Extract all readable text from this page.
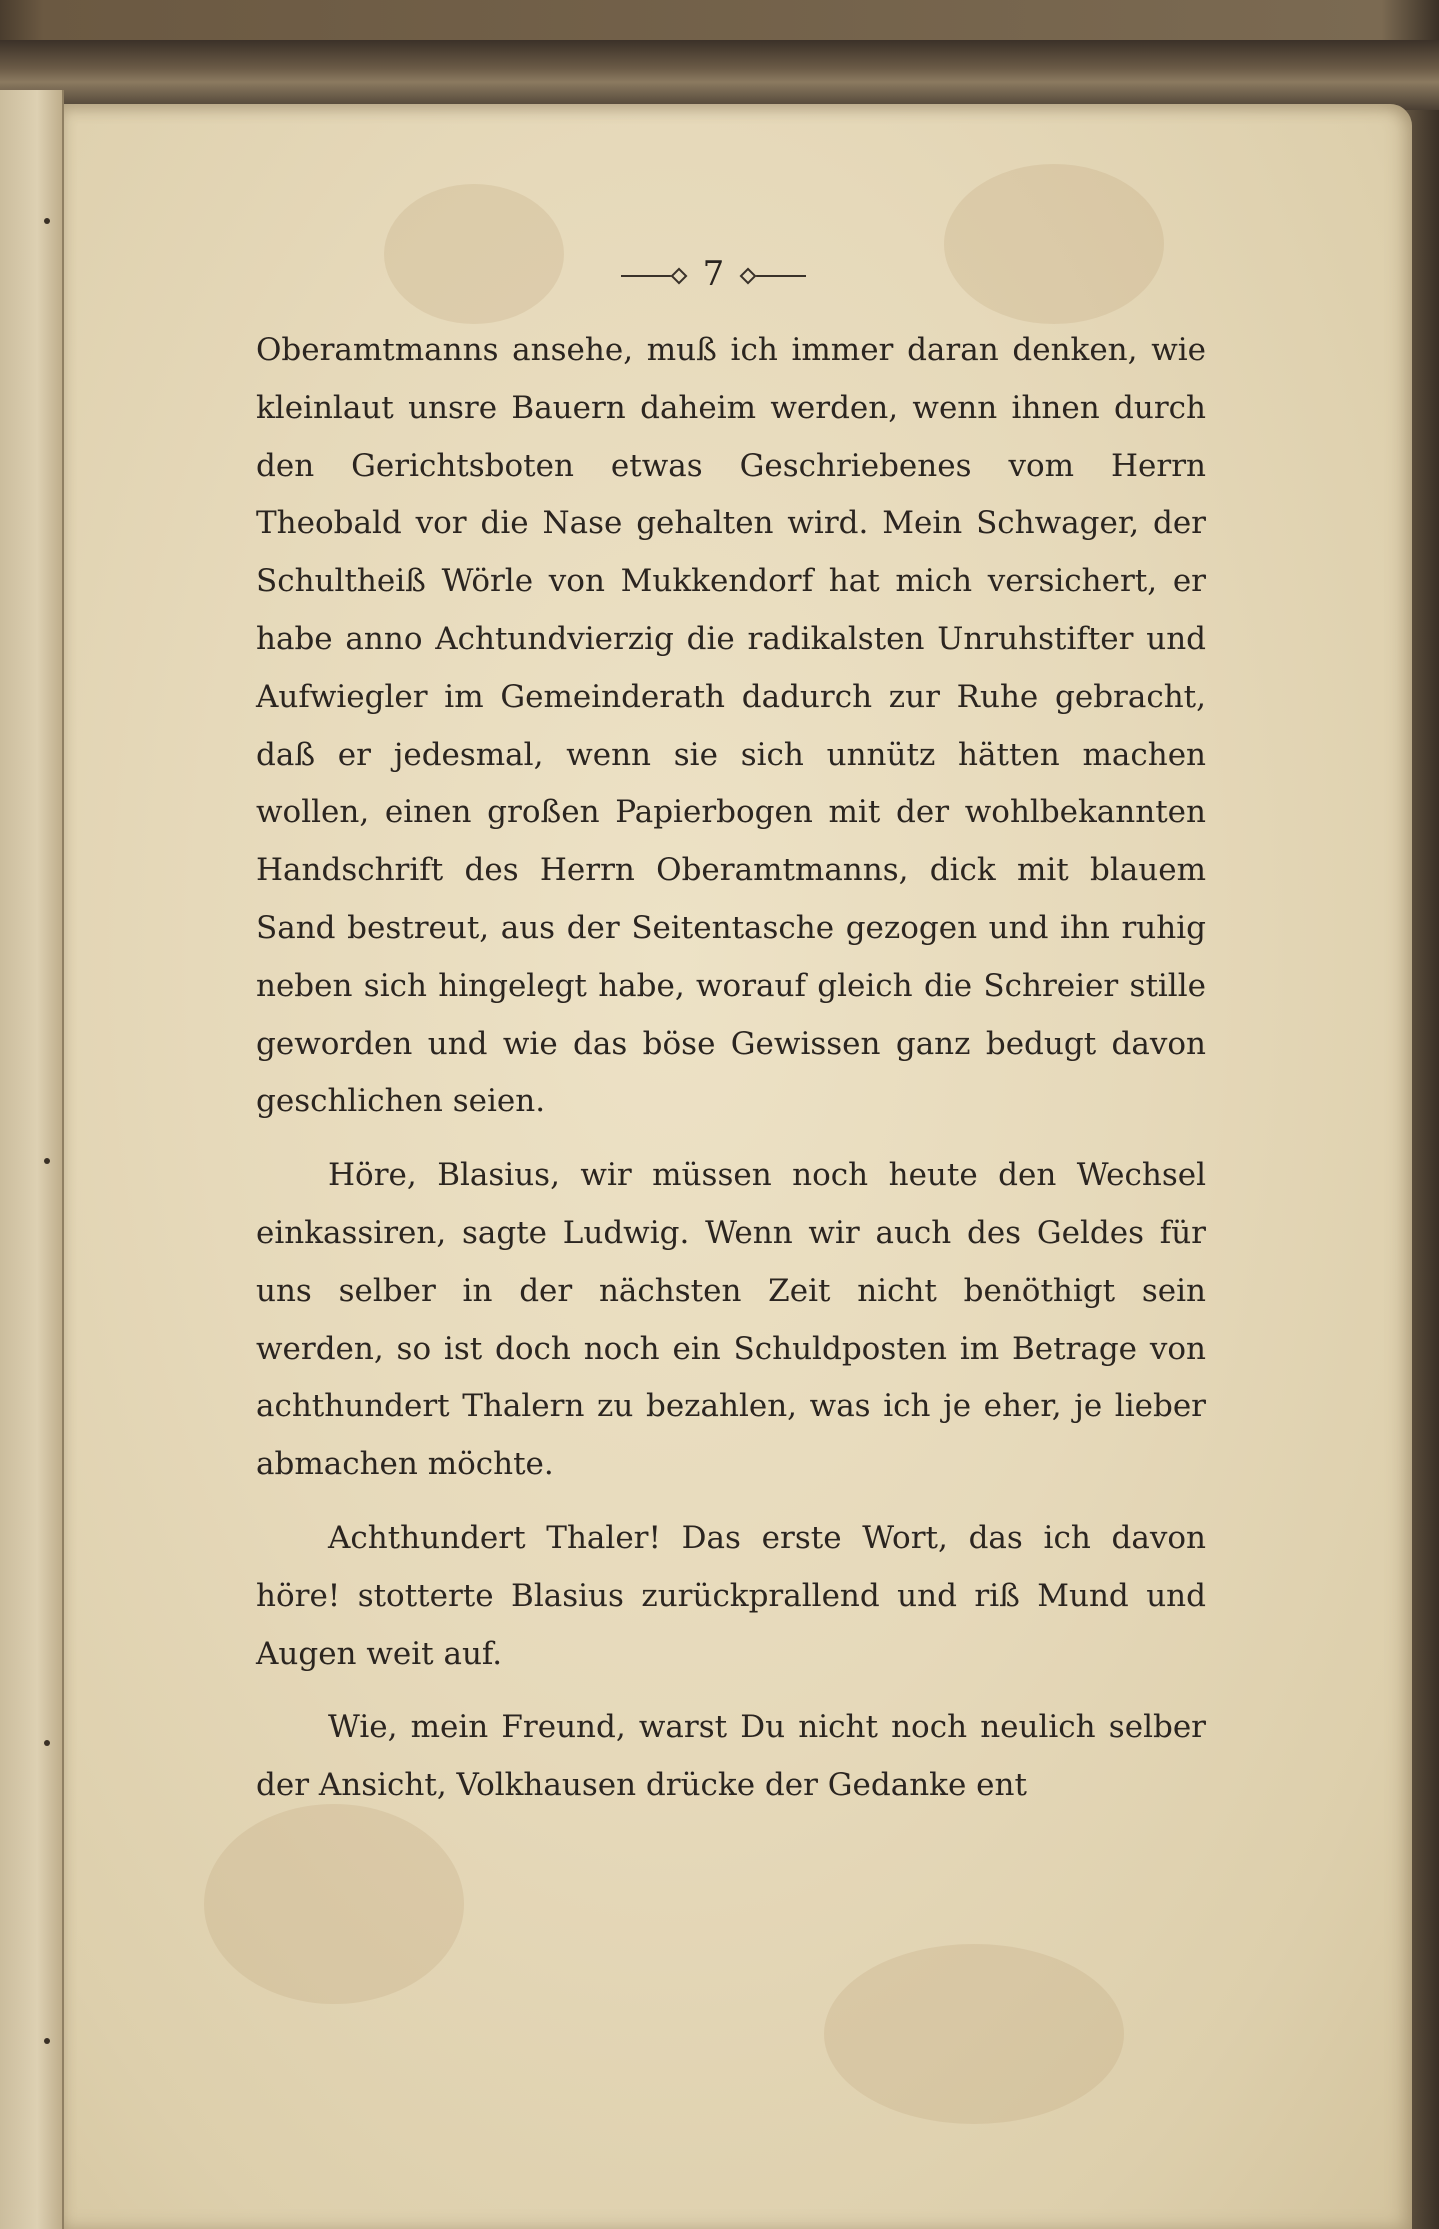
7

Oberamtmanns ansehe, muß ich immer daran denken, wie kleinlaut unsre Bauern daheim werden, wenn ihnen durch den Gerichtsboten etwas Geschriebenes vom Herrn Theobald vor die Nase gehalten wird. Mein Schwager, der Schultheiß Wörle von Mukkendorf hat mich versichert, er habe anno Achtundvierzig die radikalsten Unruhstifter und Aufwiegler im Gemeinderath dadurch zur Ruhe gebracht, daß er jedesmal, wenn sie sich unnütz hätten machen wollen, einen großen Papierbogen mit der wohlbekannten Handschrift des Herrn Oberamtmanns, dick mit blauem Sand bestreut, aus der Seitentasche gezogen und ihn ruhig neben sich hingelegt habe, worauf gleich die Schreier stille geworden und wie das böse Gewissen ganz bedugt davon geschlichen seien.

Höre, Blasius, wir müssen noch heute den Wechsel einkassiren, sagte Ludwig. Wenn wir auch des Geldes für uns selber in der nächsten Zeit nicht benöthigt sein werden, so ist doch noch ein Schuldposten im Betrage von achthundert Thalern zu bezahlen, was ich je eher, je lieber abmachen möchte.

Achthundert Thaler! Das erste Wort, das ich davon höre! stotterte Blasius zurückprallend und riß Mund und Augen weit auf.

Wie, mein Freund, warst Du nicht noch neulich selber der Ansicht, Volkhausen drücke der Gedanke ent
